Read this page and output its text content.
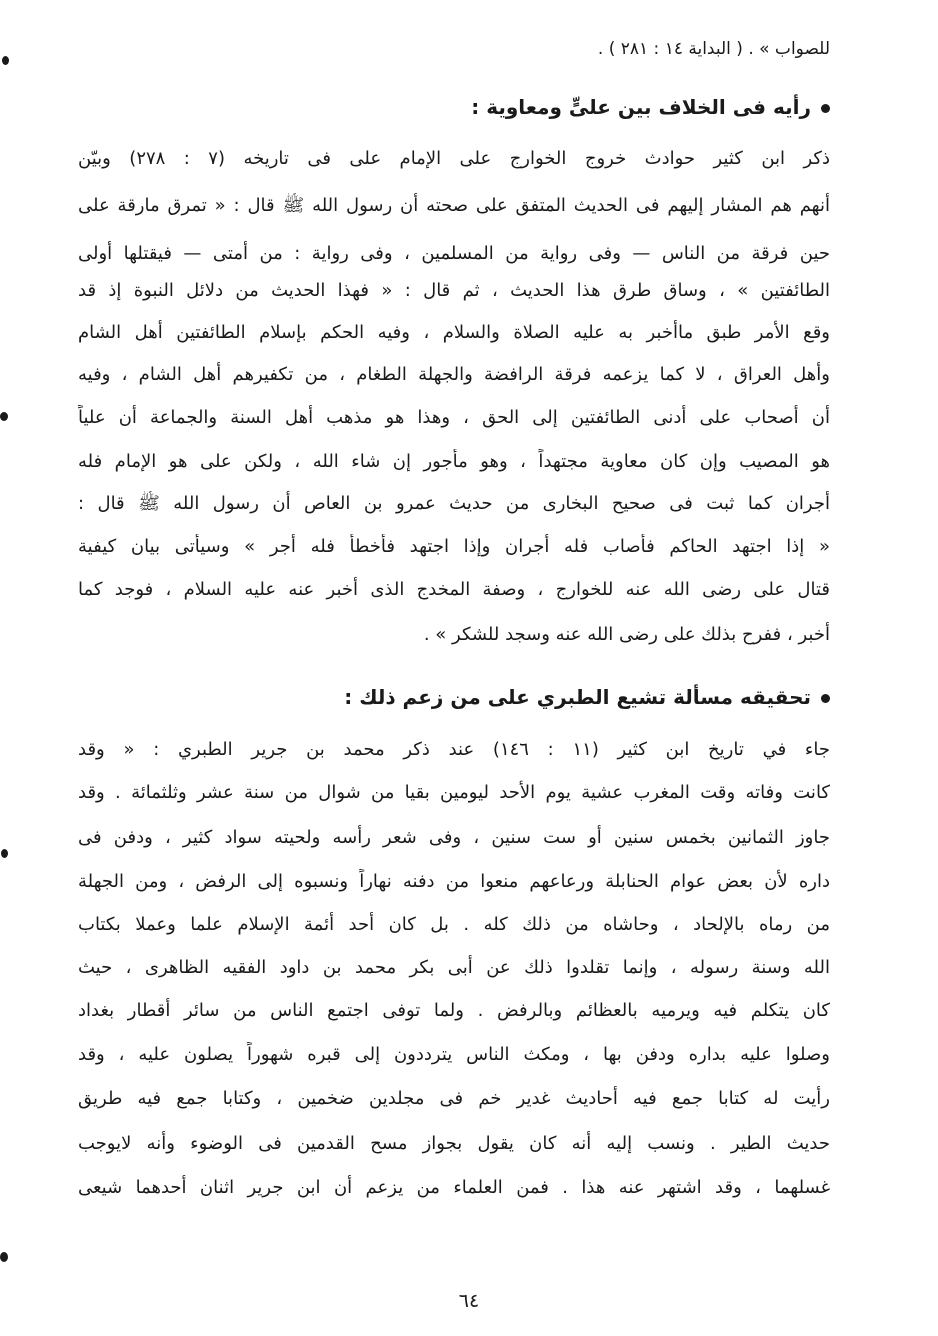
للصواب » . ( البداية ١٤ : ٢٨١ ) .
رأيه فى الخلاف بين علىٍّ ومعاوية :
ذكر ابن كثير حوادث خروج الخوارج على الإمام على فى تاريخه (٧ : ٢٧٨) وبيّن
أنهم هم المشار إليهم فى الحديث المتفق على صحته أن رسول الله ﷺ قال : « تمرق مارقة على
حين فرقة من الناس — وفى رواية من المسلمين ، وفى رواية : من أمتى — فيقتلها أولى
الطائفتين » ، وساق طرق هذا الحديث ، ثم قال : « فهذا الحديث من دلائل النبوة إذ قد
وقع الأمر طبق ماأخبر به عليه الصلاة والسلام ، وفيه الحكم بإسلام الطائفتين أهل الشام
وأهل العراق ، لا كما يزعمه فرقة الرافضة والجهلة الطغام ، من تكفيرهم أهل الشام ، وفيه
أن أصحاب على أدنى الطائفتين إلى الحق ، وهذا هو مذهب أهل السنة والجماعة أن علياً
هو المصيب وإن كان معاوية مجتهداً ، وهو مأجور إن شاء الله ، ولكن على هو الإمام فله
أجران كما ثبت فى صحيح البخارى من حديث عمرو بن العاص أن رسول الله ﷺ قال :
« إذا اجتهد الحاكم فأصاب فله أجران وإذا اجتهد فأخطأ فله أجر » وسيأتى بيان كيفية
قتال على رضى الله عنه للخوارج ، وصفة المخدج الذى أخبر عنه عليه السلام ، فوجد كما
أخبر ، ففرح بذلك على رضى الله عنه وسجد للشكر » .
تحقيقه مسألة تشيع الطبري على من زعم ذلك :
جاء في تاريخ ابن كثير (١١ : ١٤٦) عند ذكر محمد بن جرير الطبري : « وقد
كانت وفاته وقت المغرب عشية يوم الأحد ليومين بقيا من شوال من سنة عشر وثلثمائة . وقد
جاوز الثمانين بخمس سنين أو ست سنين ، وفى شعر رأسه ولحيته سواد كثير ، ودفن فى
داره لأن بعض عوام الحنابلة ورعاعهم منعوا من دفنه نهاراً ونسبوه إلى الرفض ، ومن الجهلة
من رماه بالإلحاد ، وحاشاه من ذلك كله . بل كان أحد أئمة الإسلام علما وعملا بكتاب
الله وسنة رسوله ، وإنما تقلدوا ذلك عن أبى بكر محمد بن داود الفقيه الظاهرى ، حيث
كان يتكلم فيه ويرميه بالعظائم وبالرفض . ولما توفى اجتمع الناس من سائر أقطار بغداد
وصلوا عليه بداره ودفن بها ، ومكث الناس يترددون إلى قبره شهوراً يصلون عليه ، وقد
رأيت له كتابا جمع فيه أحاديث غدير خم فى مجلدين ضخمين ، وكتابا جمع فيه طريق
حديث الطير . ونسب إليه أنه كان يقول بجواز مسح القدمين فى الوضوء وأنه لايوجب
غسلهما ، وقد اشتهر عنه هذا . فمن العلماء من يزعم أن ابن جرير اثنان أحدهما شيعى
٦٤
